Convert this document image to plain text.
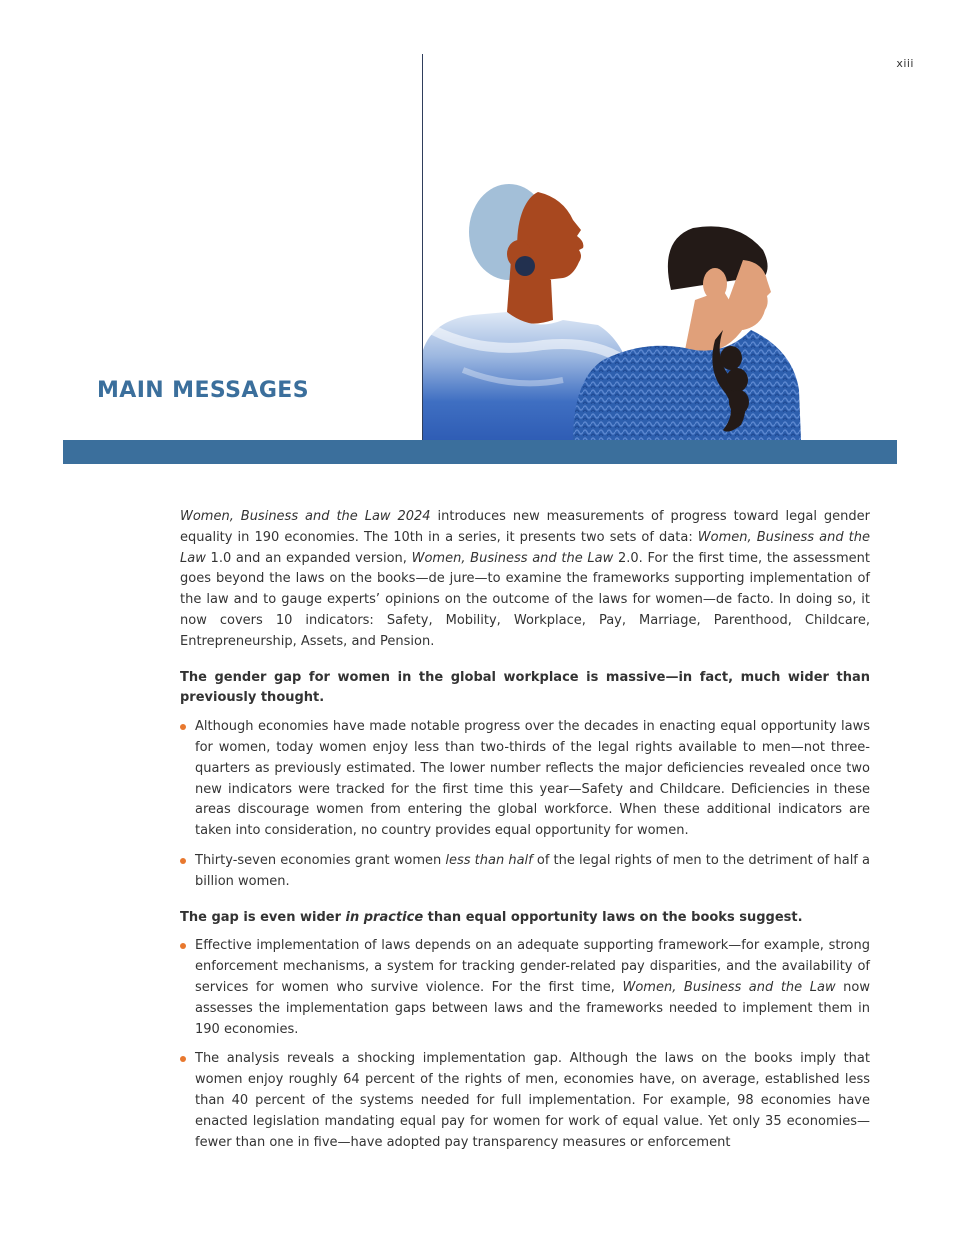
xiii
MAIN MESSAGES

Women, Business and the Law 2024 introduces new measurements of progress toward legal gender equality in 190 economies. The 10th in a series, it presents two sets of data: Women, Business and the Law 1.0 and an expanded version, Women, Business and the Law 2.0. For the first time, the assessment goes beyond the laws on the books—de jure—to examine the frameworks supporting implementation of the law and to gauge experts’ opinions on the outcome of the laws for women—de facto. In doing so, it now covers 10 indicators: Safety, Mobility, Workplace, Pay, Marriage, Parenthood, Childcare, Entrepreneurship, Assets, and Pension.

The gender gap for women in the global workplace is massive—in fact, much wider than previously thought.

Although economies have made notable progress over the decades in enacting equal opportunity laws for women, today women enjoy less than two-thirds of the legal rights available to men—not three-quarters as previously estimated. The lower number reflects the major deficiencies revealed once two new indicators were tracked for the first time this year—Safety and Childcare. Deficiencies in these areas discourage women from entering the global workforce. When these additional indicators are taken into consideration, no country provides equal opportunity for women.
Thirty-seven economies grant women less than half of the legal rights of men to the detriment of half a billion women.

The gap is even wider in practice than equal opportunity laws on the books suggest.

Effective implementation of laws depends on an adequate supporting framework—for example, strong enforcement mechanisms, a system for tracking gender-related pay disparities, and the availability of services for women who survive violence. For the first time, Women, Business and the Law now assesses the implementation gaps between laws and the frameworks needed to implement them in 190 economies.
The analysis reveals a shocking implementation gap. Although the laws on the books imply that women enjoy roughly 64 percent of the rights of men, economies have, on average, established less than 40 percent of the systems needed for full implementation. For example, 98 economies have enacted legislation mandating equal pay for women for work of equal value. Yet only 35 economies—fewer than one in five—have adopted pay transparency measures or enforcement
